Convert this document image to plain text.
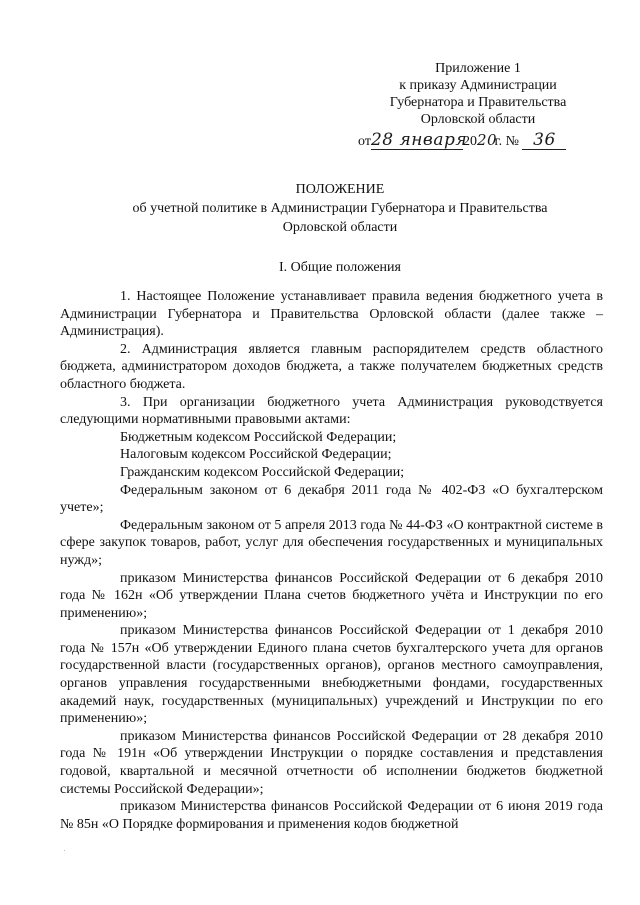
Приложение 1
к приказу Администрации
Губернатора и Правительства
Орловской области
от28 января2020 г. № 36
ПОЛОЖЕНИЕ
об учетной политике в Администрации Губернатора и Правительства
Орловской области
I. Общие положения

1. Настоящее Положение устанавливает правила ведения бюджетного учета в Администрации Губернатора и Правительства Орловской области (далее также – Администрация).

2. Администрация является главным распорядителем средств областного бюджета, администратором доходов бюджета, а также получателем бюджетных средств областного бюджета.

3. При организации бюджетного учета Администрация руководствуется следующими нормативными правовыми актами:

Бюджетным кодексом Российской Федерации;

Налоговым кодексом Российской Федерации;

Гражданским кодексом Российской Федерации;

Федеральным законом от 6 декабря 2011 года № 402-ФЗ «О бухгалтерском учете»;

Федеральным законом от 5 апреля 2013 года № 44-ФЗ «О контрактной системе в сфере закупок товаров, работ, услуг для обеспечения государственных и муниципальных нужд»;

приказом Министерства финансов Российской Федерации от 6 декабря 2010 года № 162н «Об утверждении Плана счетов бюджетного учёта и Инструкции по его применению»;

приказом Министерства финансов Российской Федерации от 1 декабря 2010 года № 157н «Об утверждении Единого плана счетов бухгалтерского учета для органов государственной власти (государственных органов), органов местного самоуправления, органов управления государственными внебюджетными фондами, государственных академий наук, государственных (муниципальных) учреждений и Инструкции по его применению»;

приказом Министерства финансов Российской Федерации от 28 декабря 2010 года № 191н «Об утверждении Инструкции о порядке составления и представления годовой, квартальной и месячной отчетности об исполнении бюджетов бюджетной системы Российской Федерации»;

приказом Министерства финансов Российской Федерации от 6 июня 2019 года № 85н «О Порядке формирования и применения кодов бюджетной
